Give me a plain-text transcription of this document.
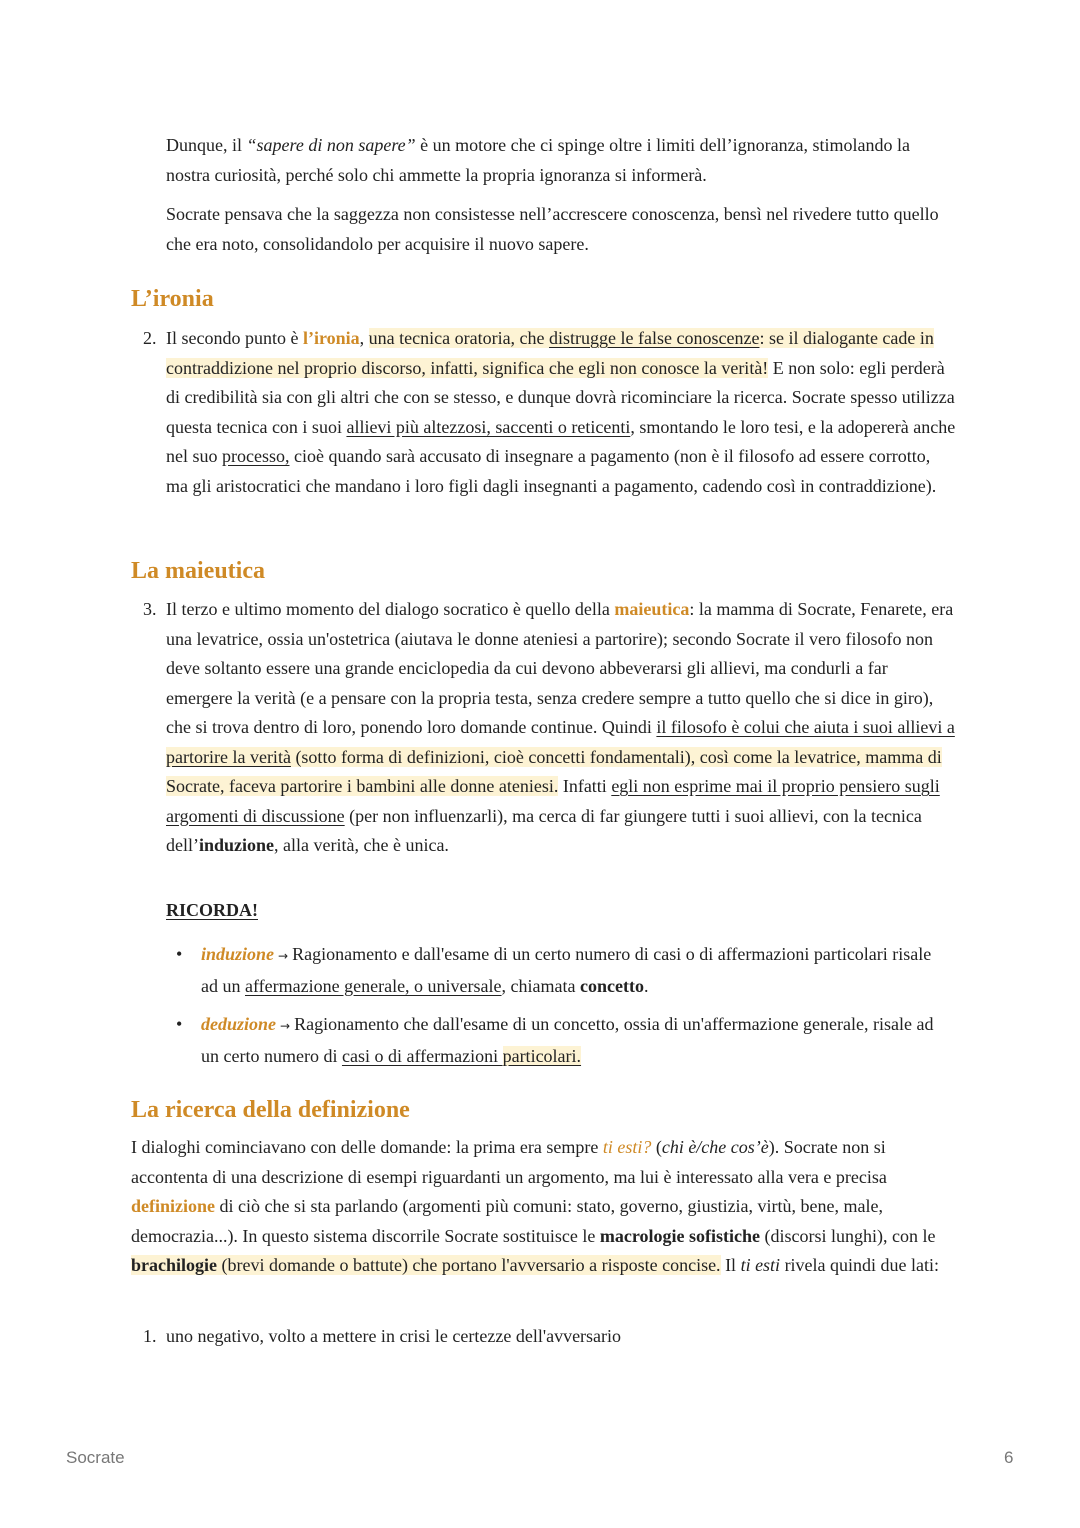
Dunque, il “sapere di non sapere” è un motore che ci spinge oltre i limiti dell’ignoranza, stimolando la nostra curiosità, perché solo chi ammette la propria ignoranza si informerà.

Socrate pensava che la saggezza non consistesse nell’accrescere conoscenza, bensì nel rivedere tutto quello che era noto, consolidandolo per acquisire il nuovo sapere.

L’ironia
2. Il secondo punto è l’ironia, una tecnica oratoria, che distrugge le false conoscenze: se il dialogante cade in contraddizione nel proprio discorso, infatti, significa che egli non conosce la verità! E non solo: egli perderà di credibilità sia con gli altri che con se stesso, e dunque dovrà ricominciare la ricerca. Socrate spesso utilizza questa tecnica con i suoi allievi più altezzosi, saccenti o reticenti, smontando le loro tesi, e la adopererà anche nel suo processo, cioè quando sarà accusato di insegnare a pagamento (non è il filosofo ad essere corrotto, ma gli aristocratici che mandano i loro figli dagli insegnanti a pagamento, cadendo così in contraddizione).

La maieutica
3. Il terzo e ultimo momento del dialogo socratico è quello della maieutica: la mamma di Socrate, Fenarete, era una levatrice, ossia un'ostetrica (aiutava le donne ateniesi a partorire); secondo Socrate il vero filosofo non deve soltanto essere una grande enciclopedia da cui devono abbeverarsi gli allievi, ma condurli a far emergere la verità (e a pensare con la propria testa, senza credere sempre a tutto quello che si dice in giro), che si trova dentro di loro, ponendo loro domande continue. Quindi il filosofo è colui che aiuta i suoi allievi a partorire la verità (sotto forma di definizioni, cioè concetti fondamentali), così come la levatrice, mamma di Socrate, faceva partorire i bambini alle donne ateniesi. Infatti egli non esprime mai il proprio pensiero sugli argomenti di discussione (per non influenzarli), ma cerca di far giungere tutti i suoi allievi, con la tecnica dell’induzione, alla verità, che è unica.

RICORDA!
• induzione → Ragionamento e dall'esame di un certo numero di casi o di affermazioni particolari risale ad un affermazione generale, o universale, chiamata concetto.

• deduzione → Ragionamento che dall'esame di un concetto, ossia di un'affermazione generale, risale ad un certo numero di casi o di affermazioni particolari.

La ricerca della definizione

I dialoghi cominciavano con delle domande: la prima era sempre ti esti? (chi è/che cos’è). Socrate non si accontenta di una descrizione di esempi riguardanti un argomento, ma lui è interessato alla vera e precisa definizione di ciò che si sta parlando (argomenti più comuni: stato, governo, giustizia, virtù, bene, male, democrazia...). In questo sistema discorrile Socrate sostituisce le macrologie sofistiche (discorsi lunghi), con le brachilogie (brevi domande o battute) che portano l'avversario a risposte concise. Il ti esti rivela quindi due lati:

1. uno negativo, volto a mettere in crisi le certezze dell'avversario

Socrate	6
